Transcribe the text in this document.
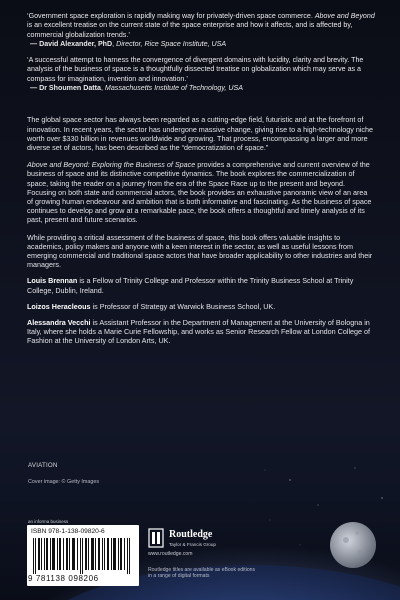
‘Government space exploration is rapidly making way for privately-driven space commerce. Above and Beyond is an excellent treatise on the current state of the space enterprise and how it affects, and is affected by, commercial globalization trends.’
— David Alexander, PhD, Director, Rice Space Institute, USA
‘A successful attempt to harness the convergence of divergent domains with lucidity, clarity and brevity. The analysis of the business of space is a thoughtfully dissected treatise on globalization which may serve as a compass for imagination, invention and innovation.’
— Dr Shoumen Datta, Massachusetts Institute of Technology, USA

The global space sector has always been regarded as a cutting-edge field, futuristic and at the forefront of innovation. In recent years, the sector has undergone massive change, giving rise to a high-technology niche worth over $330 billion in revenues worldwide and growing. That process, encompassing a larger and more diverse set of actors, has been described as the “democratization of space.”

Above and Beyond: Exploring the Business of Space provides a comprehensive and current overview of the business of space and its distinctive competitive dynamics. The book explores the commercialization of space, taking the reader on a journey from the era of the Space Race up to the present and beyond. Focusing on both state and commercial actors, the book provides an exhaustive panoramic view of an area of growing human endeavour and ambition that is both informative and fascinating. As the business of space continues to develop and grow at a remarkable pace, the book offers a thoughtful and timely analysis of its past, present and future scenarios.

While providing a critical assessment of the business of space, this book offers valuable insights to academics, policy makers and anyone with a keen interest in the sector, as well as useful lessons from emerging commercial and traditional space actors that have broader applicability to other industries and their managers.

Louis Brennan is a Fellow of Trinity College and Professor within the Trinity Business School at Trinity College, Dublin, Ireland.

Loizos Heracleous is Professor of Strategy at Warwick Business School, UK.

Alessandra Vecchi is Assistant Professor in the Department of Management at the University of Bologna in Italy, where she holds a Marie Curie Fellowship, and works as Senior Research Fellow at London College of Fashion at the University of London Arts, UK.

AVIATION
Cover image: © Getty Images
an informa business
ISBN 978-1-138-09820-6
9 781138 098206
Routledge
Taylor & Francis Group
www.routledge.com
Routledge titles are available as eBook editions in a range of digital formats
